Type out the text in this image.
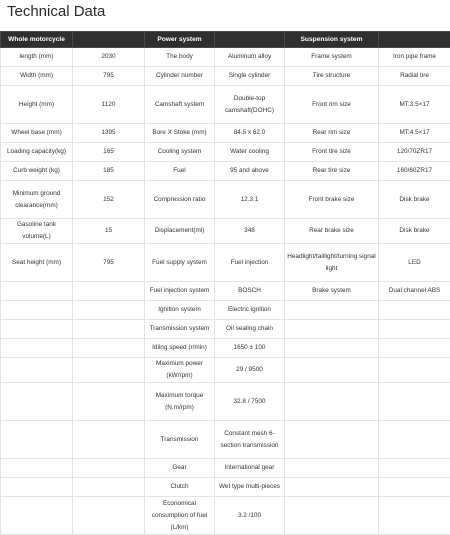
Technical Data
Whole motorcycle		Power system		Suspension system	
length (mm)	2030	The body	Aluminum alloy	Frame system	Iron pipe frame
Width (mm)	795	Cylinder number	Single cylinder	Tire structure	Radial tire
Height (mm)	1120	Camshaft system	Double-top camshaft(DOHC)	Front rim size	MT:3.5×17
Wheel base (mm)	1395	Bore X Stoke (mm)	84.5 x 62.0	Rear rim size	MT:4.5×17
Loading capacity(kg)	165	Cooling system	Water cooling	Front tire size	120/70ZR17
Curb weight (kg)	185	Fuel	95 and above	Rear tire size	160/60ZR17
Minimum ground clearance(mm)	152	Compression ratio	12.3:1	Front brake size	Disk brake
Gasoline tank volume(L)	15	Displacement(ml)	348	Rear brake size	Disk brake
Seat height (mm)	795	Fuel supply system	Fuel injection	Headlight/taillight/turning signal light	LED
		Fuel injection system	BOSCH	Brake system	Dual channel ABS
		Ignition system	Electric ignition		
		Transmission system	Oil sealing chain		
		Idling speed (r/min)	1650 ± 100		
		Maximum power (kW/rpm)	29 / 9500		
		Maximum torque (N.m/rpm)	32.8 / 7500		
		Transmission	Constant mesh 6-section transmission		
		Gear	International gear		
		Clutch	Wet type multi-pieces		
		Economical consumption of fuel (L/km)	3.2 /100		
